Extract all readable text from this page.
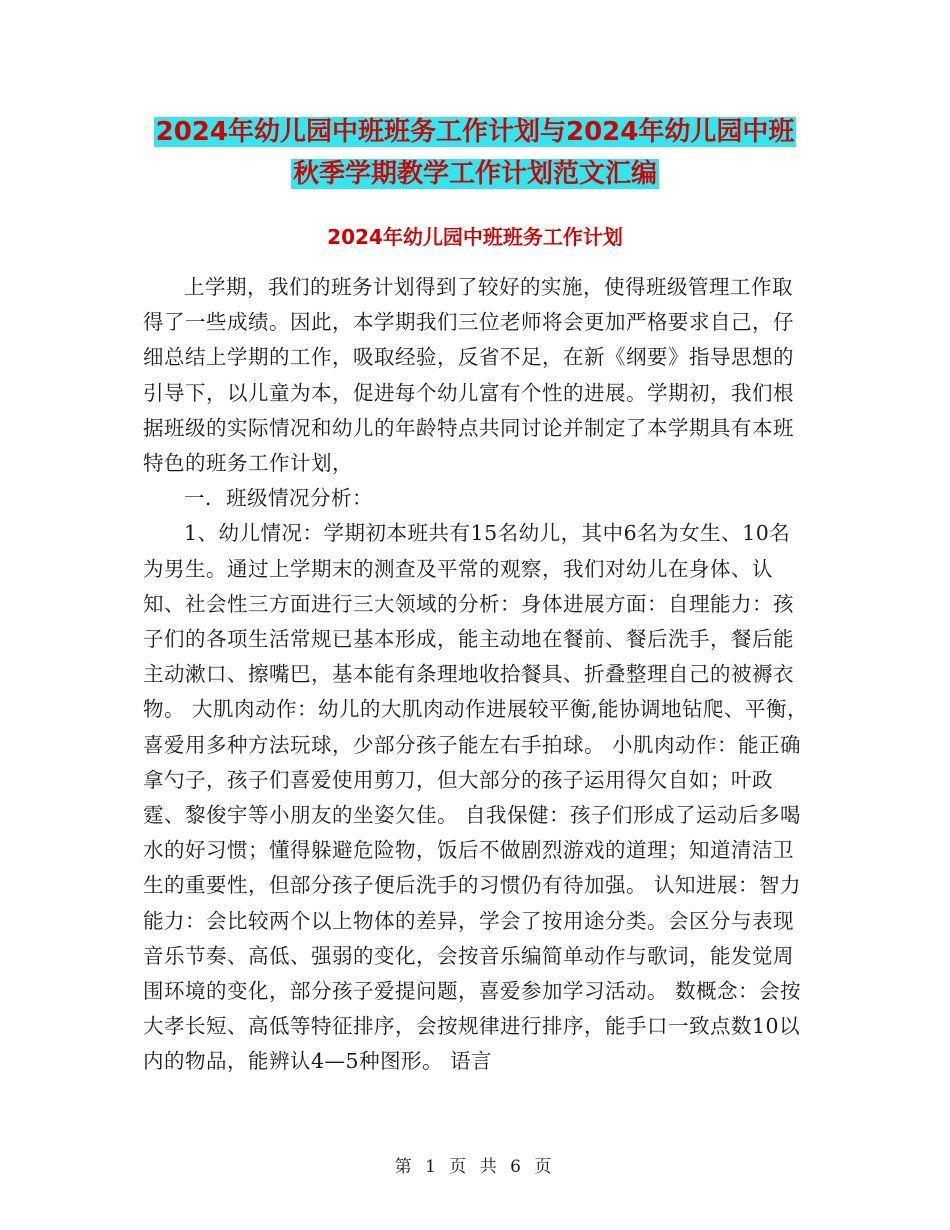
2024年幼儿园中班班务工作计划与2024年幼儿园中班
秋季学期教学工作计划范文汇编
2024年幼儿园中班班务工作计划

上学期，我们的班务计划得到了较好的实施，使得班级管理工作取得了一些成绩。因此，本学期我们三位老师将会更加严格要求自己，仔细总结上学期的工作，吸取经验，反省不足，在新《纲要》指导思想的引导下，以儿童为本，促进每个幼儿富有个性的进展。学期初，我们根据班级的实际情况和幼儿的年龄特点共同讨论并制定了本学期具有本班特色的班务工作计划，

一．班级情况分析：

1、幼儿情况：学期初本班共有15名幼儿，其中6名为女生、10名为男生。通过上学期末的测查及平常的观察，我们对幼儿在身体、认知、社会性三方面进行三大领域的分析：身体进展方面：自理能力：孩子们的各项生活常规已基本形成，能主动地在餐前、餐后洗手，餐后能主动漱口、擦嘴巴，基本能有条理地收拾餐具、折叠整理自己的被褥衣物。 大肌肉动作：幼儿的大肌肉动作进展较平衡,能协调地钻爬、平衡，喜爱用多种方法玩球，少部分孩子能左右手拍球。 小肌肉动作：能正确拿勺子，孩子们喜爱使用剪刀，但大部分的孩子运用得欠自如；叶政霆、黎俊宇等小朋友的坐姿欠佳。 自我保健：孩子们形成了运动后多喝水的好习惯；懂得躲避危险物，饭后不做剧烈游戏的道理；知道清洁卫生的重要性，但部分孩子便后洗手的习惯仍有待加强。 认知进展：智力能力：会比较两个以上物体的差异，学会了按用途分类。会区分与表现音乐节奏、高低、强弱的变化，会按音乐编简单动作与歌词，能发觉周围环境的变化，部分孩子爱提问题，喜爱参加学习活动。 数概念：会按大孝长短、高低等特征排序，会按规律进行排序，能手口一致点数10以内的物品，能辨认4—5种图形。 语言

第 1 页 共 6 页
